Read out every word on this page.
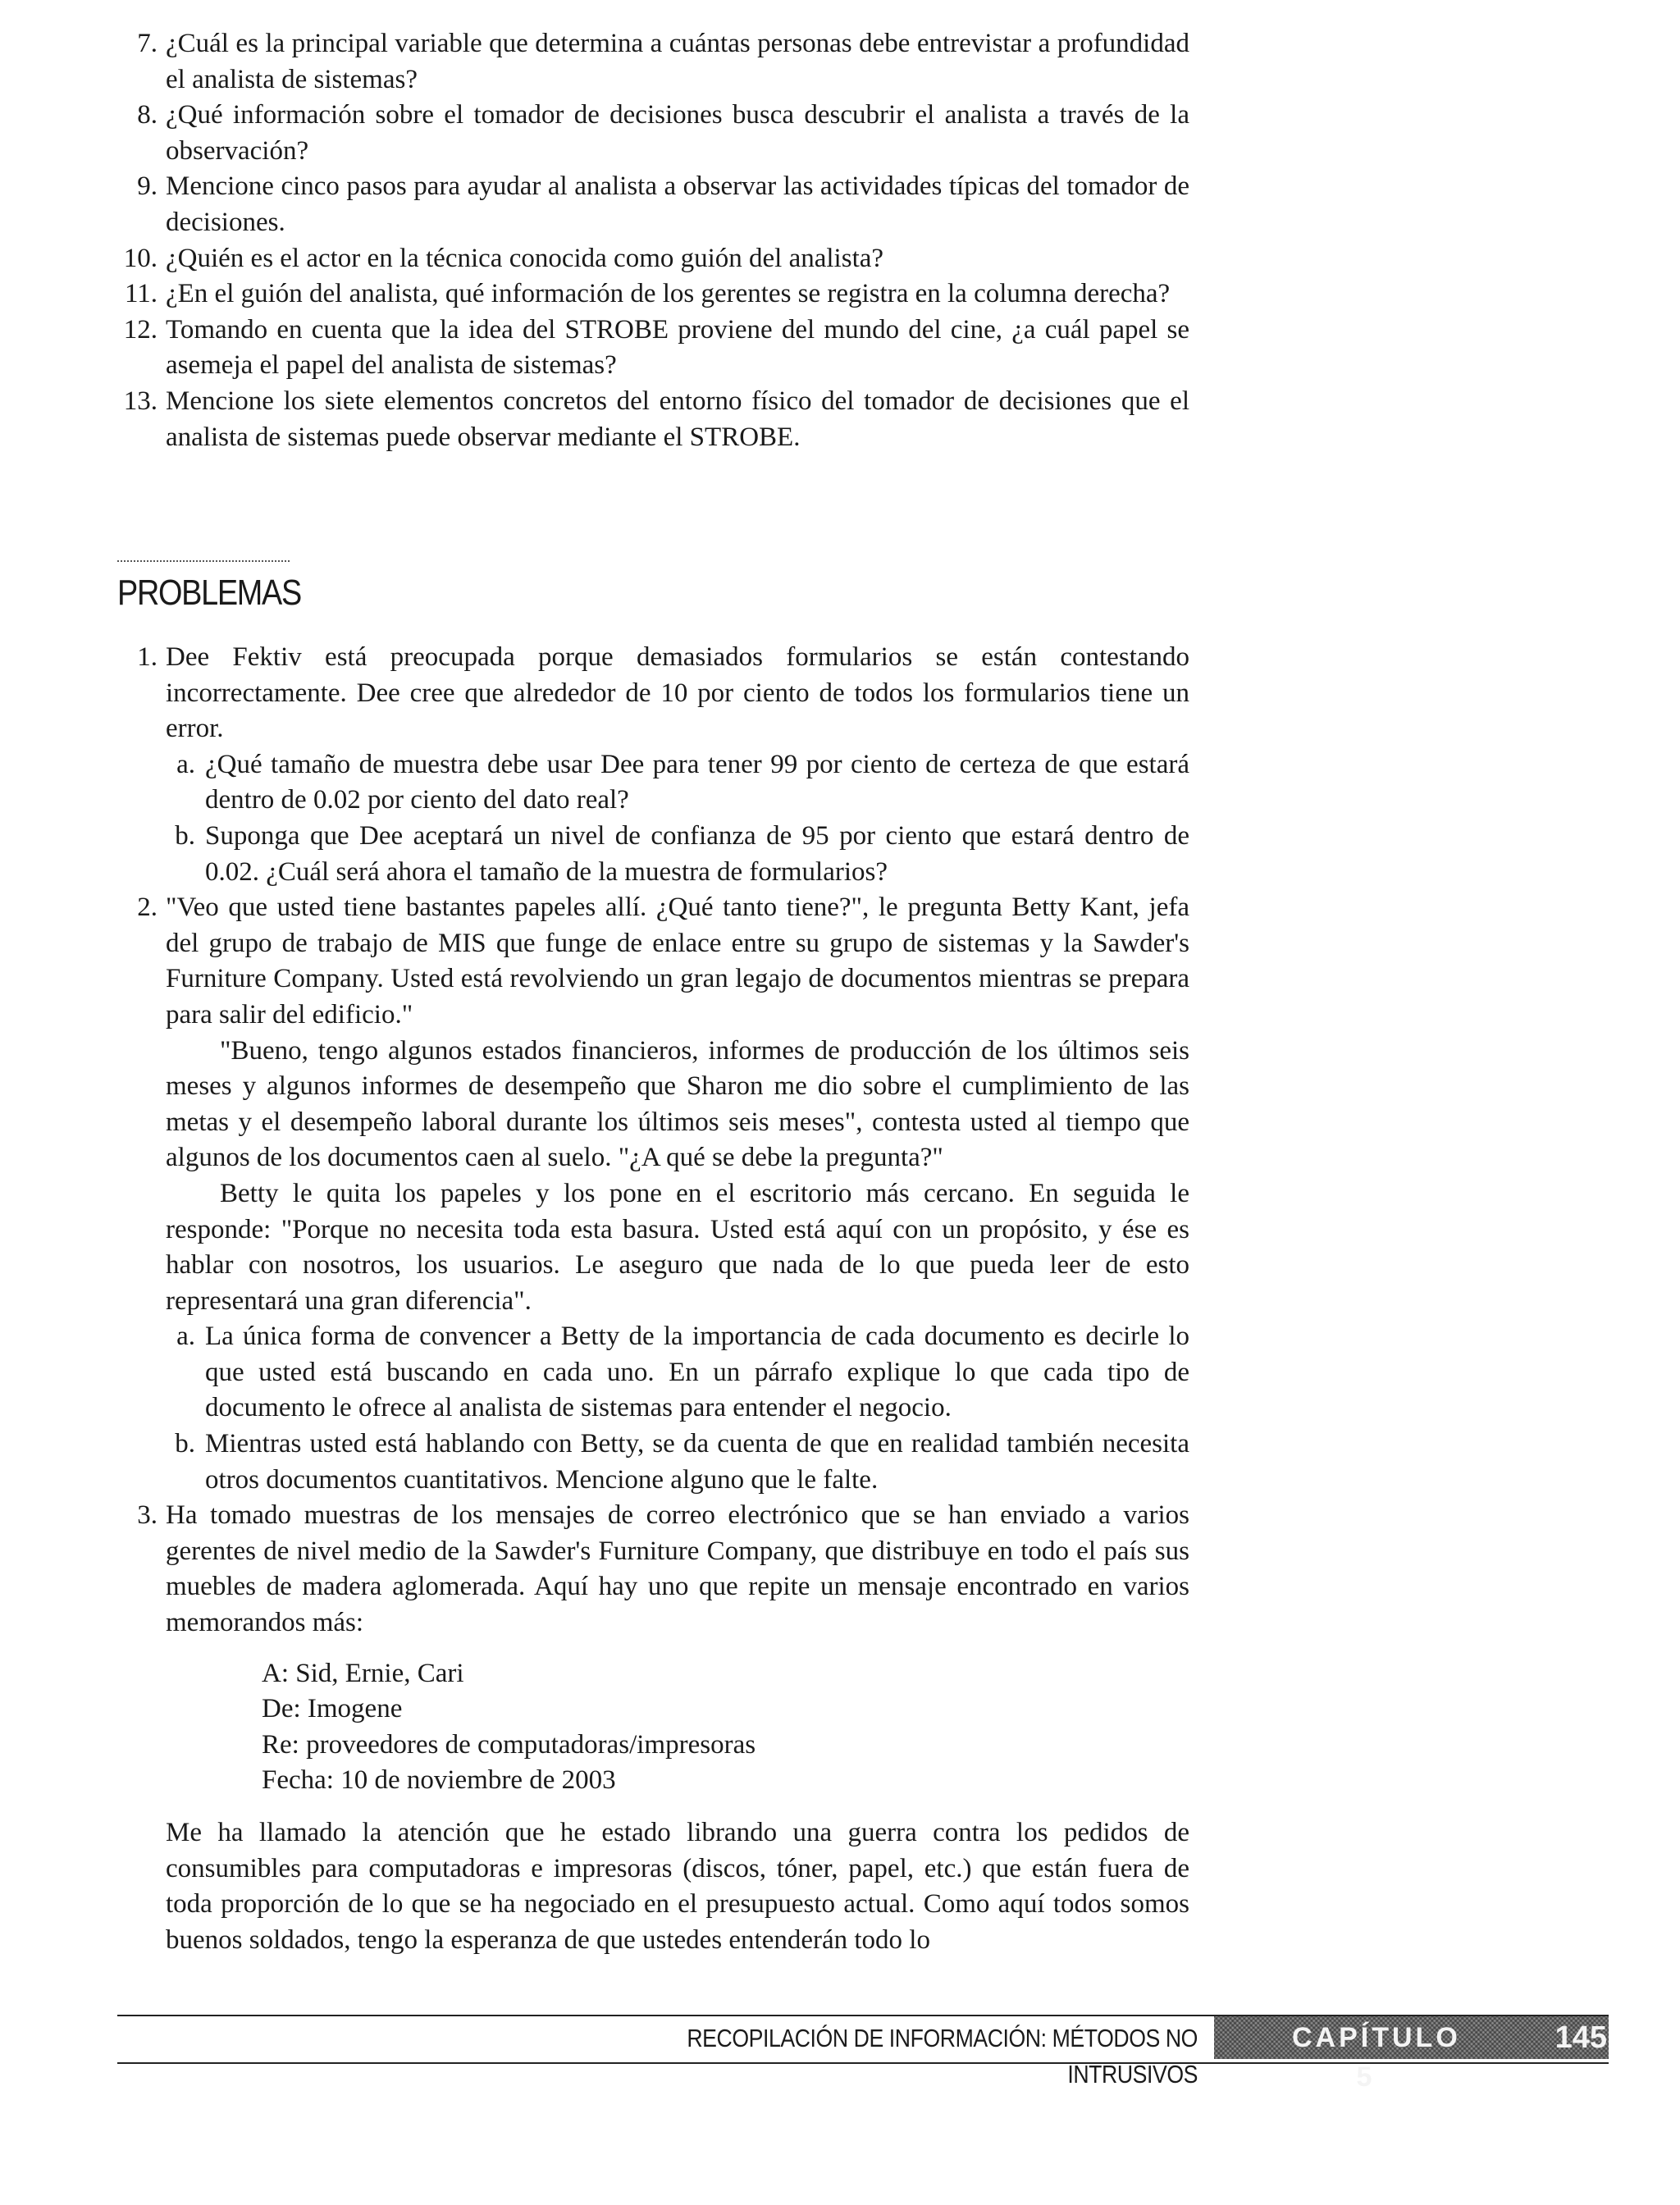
7. ¿Cuál es la principal variable que determina a cuántas personas debe entrevistar a profundidad el analista de sistemas?
8. ¿Qué información sobre el tomador de decisiones busca descubrir el analista a través de la observación?
9. Mencione cinco pasos para ayudar al analista a observar las actividades típicas del tomador de decisiones.
10. ¿Quién es el actor en la técnica conocida como guión del analista?
11. ¿En el guión del analista, qué información de los gerentes se registra en la columna derecha?
12. Tomando en cuenta que la idea del STROBE proviene del mundo del cine, ¿a cuál papel se asemeja el papel del analista de sistemas?
13. Mencione los siete elementos concretos del entorno físico del tomador de decisiones que el analista de sistemas puede observar mediante el STROBE.
PROBLEMAS
1. Dee Fektiv está preocupada porque demasiados formularios se están contestando incorrectamente. Dee cree que alrededor de 10 por ciento de todos los formularios tiene un error.
a. ¿Qué tamaño de muestra debe usar Dee para tener 99 por ciento de certeza de que estará dentro de 0.02 por ciento del dato real?
b. Suponga que Dee aceptará un nivel de confianza de 95 por ciento que estará dentro de 0.02. ¿Cuál será ahora el tamaño de la muestra de formularios?
2. "Veo que usted tiene bastantes papeles allí. ¿Qué tanto tiene?", le pregunta Betty Kant, jefa del grupo de trabajo de MIS que funge de enlace entre su grupo de sistemas y la Sawder's Furniture Company. Usted está revolviendo un gran legajo de documentos mientras se prepara para salir del edificio."
"Bueno, tengo algunos estados financieros, informes de producción de los últimos seis meses y algunos informes de desempeño que Sharon me dio sobre el cumplimiento de las metas y el desempeño laboral durante los últimos seis meses", contesta usted al tiempo que algunos de los documentos caen al suelo. "¿A qué se debe la pregunta?"
Betty le quita los papeles y los pone en el escritorio más cercano. En seguida le responde: "Porque no necesita toda esta basura. Usted está aquí con un propósito, y ése es hablar con nosotros, los usuarios. Le aseguro que nada de lo que pueda leer de esto representará una gran diferencia".
a. La única forma de convencer a Betty de la importancia de cada documento es decirle lo que usted está buscando en cada uno. En un párrafo explique lo que cada tipo de documento le ofrece al analista de sistemas para entender el negocio.
b. Mientras usted está hablando con Betty, se da cuenta de que en realidad también necesita otros documentos cuantitativos. Mencione alguno que le falte.
3. Ha tomado muestras de los mensajes de correo electrónico que se han enviado a varios gerentes de nivel medio de la Sawder's Furniture Company, que distribuye en todo el país sus muebles de madera aglomerada. Aquí hay uno que repite un mensaje encontrado en varios memorandos más:
A: Sid, Ernie, Cari
De: Imogene
Re: proveedores de computadoras/impresoras
Fecha: 10 de noviembre de 2003
Me ha llamado la atención que he estado librando una guerra contra los pedidos de consumibles para computadoras e impresoras (discos, tóner, papel, etc.) que están fuera de toda proporción de lo que se ha negociado en el presupuesto actual. Como aquí todos somos buenos soldados, tengo la esperanza de que ustedes entenderán todo lo
RECOPILACIÓN DE INFORMACIÓN: MÉTODOS NO INTRUSIVOS
CAPÍTULO 5
145
